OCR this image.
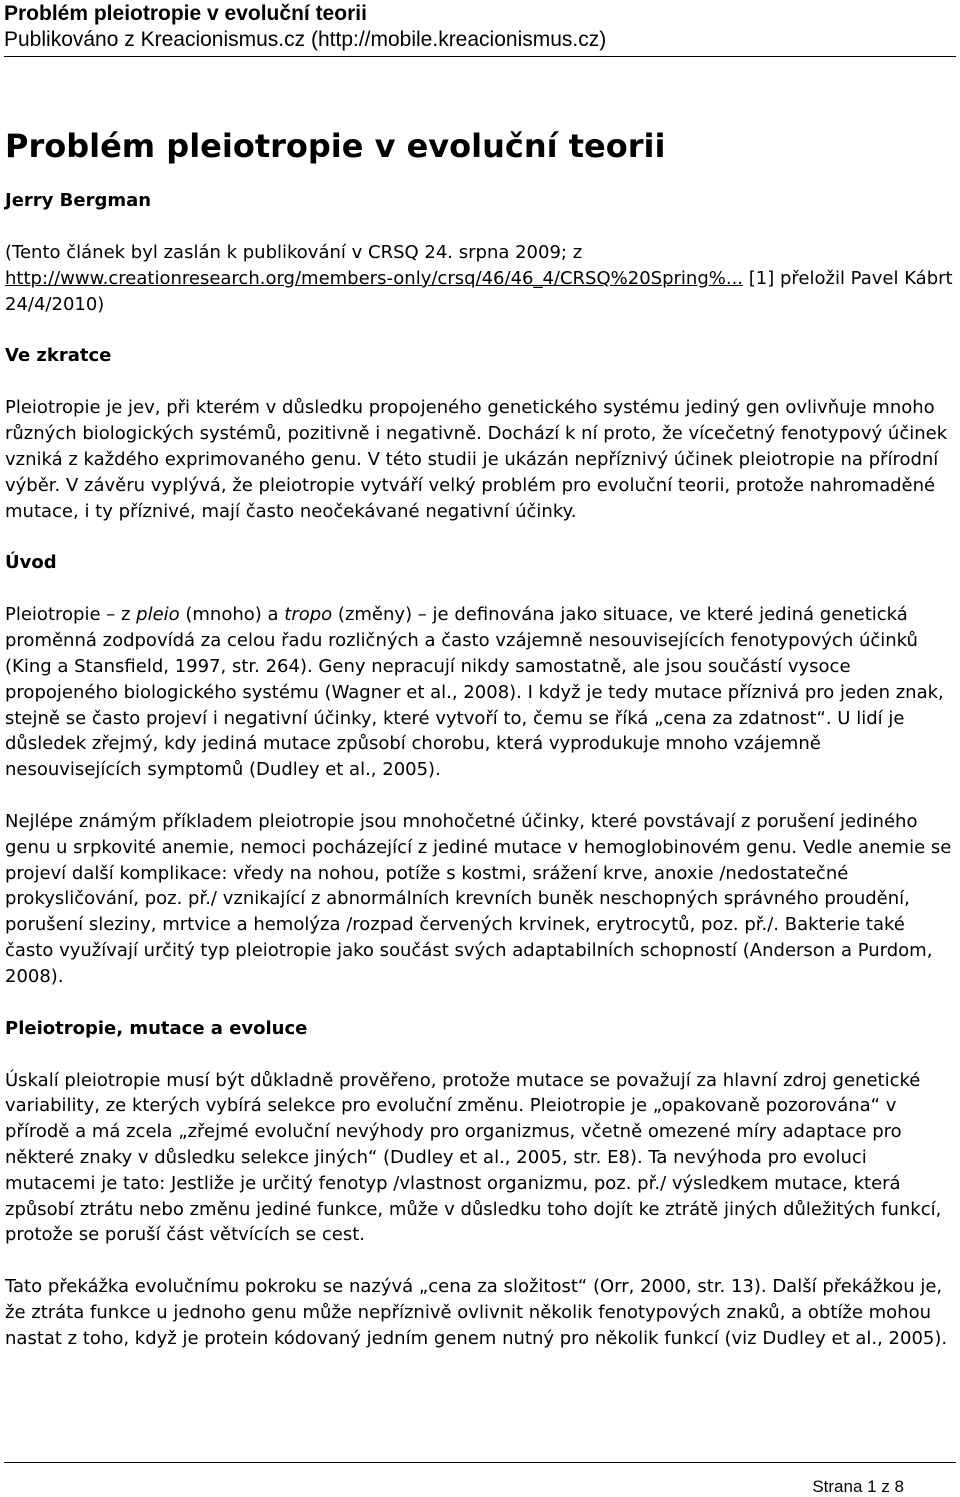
Problém pleiotropie v evoluční teorii
Publikováno z Kreacionismus.cz (http://mobile.kreacionismus.cz)
Problém pleiotropie v evoluční teorii
Jerry Bergman
(Tento článek byl zaslán k publikování v CRSQ 24. srpna 2009; z http://www.creationresearch.org/members-only/crsq/46/46_4/CRSQ%20Spring%... [1] přeložil Pavel Kábrt 24/4/2010)
Ve zkratce

Pleiotropie je jev, při kterém v důsledku propojeného genetického systému jediný gen ovlivňuje mnoho různých biologických systémů, pozitivně i negativně. Dochází k ní proto, že vícečetný fenotypový účinek vzniká z každého exprimovaného genu. V této studii je ukázán nepříznivý účinek pleiotropie na přírodní výběr. V závěru vyplývá, že pleiotropie vytváří velký problém pro evoluční teorii, protože nahromaděné mutace, i ty příznivé, mají často neočekávané negativní účinky.

Úvod

Pleiotropie – z pleio (mnoho) a tropo (změny) – je definována jako situace, ve které jediná genetická proměnná zodpovídá za celou řadu rozličných a často vzájemně nesouvisejících fenotypových účinků (King a Stansfield, 1997, str. 264). Geny nepracují nikdy samostatně, ale jsou součástí vysoce propojeného biologického systému (Wagner et al., 2008). I když je tedy mutace příznivá pro jeden znak, stejně se často projeví i negativní účinky, které vytvoří to, čemu se říká „cena za zdatnost“. U lidí je důsledek zřejmý, kdy jediná mutace způsobí chorobu, která vyprodukuje mnoho vzájemně nesouvisejících symptomů (Dudley et al., 2005).

Nejlépe známým příkladem pleiotropie jsou mnohočetné účinky, které povstávají z porušení jediného genu u srpkovité anemie, nemoci pocházející z jediné mutace v hemoglobinovém genu. Vedle anemie se projeví další komplikace: vředy na nohou, potíže s kostmi, srážení krve, anoxie /nedostatečné prokysličování, poz. př./ vznikající z abnormálních krevních buněk neschopných správného proudění, porušení sleziny, mrtvice a hemolýza /rozpad červených krvinek, erytrocytů, poz. př./. Bakterie také často využívají určitý typ pleiotropie jako součást svých adaptabilních schopností (Anderson a Purdom, 2008).

Pleiotropie, mutace a evoluce

Úskalí pleiotropie musí být důkladně prověřeno, protože mutace se považují za hlavní zdroj genetické variability, ze kterých vybírá selekce pro evoluční změnu. Pleiotropie je „opakovaně pozorována“ v přírodě a má zcela „zřejmé evoluční nevýhody pro organizmus, včetně omezené míry adaptace pro některé znaky v důsledku selekce jiných“ (Dudley et al., 2005, str. E8). Ta nevýhoda pro evoluci mutacemi je tato: Jestliže je určitý fenotyp /vlastnost organizmu, poz. př./ výsledkem mutace, která způsobí ztrátu nebo změnu jediné funkce, může v důsledku toho dojít ke ztrátě jiných důležitých funkcí, protože se poruší část větvících se cest.

Tato překážka evolučnímu pokroku se nazývá „cena za složitost“ (Orr, 2000, str. 13). Další překážkou je, že ztráta funkce u jednoho genu může nepříznivě ovlivnit několik fenotypových znaků, a obtíže mohou nastat z toho, když je protein kódovaný jedním genem nutný pro několik funkcí (viz Dudley et al., 2005).

Strana 1 z 8
